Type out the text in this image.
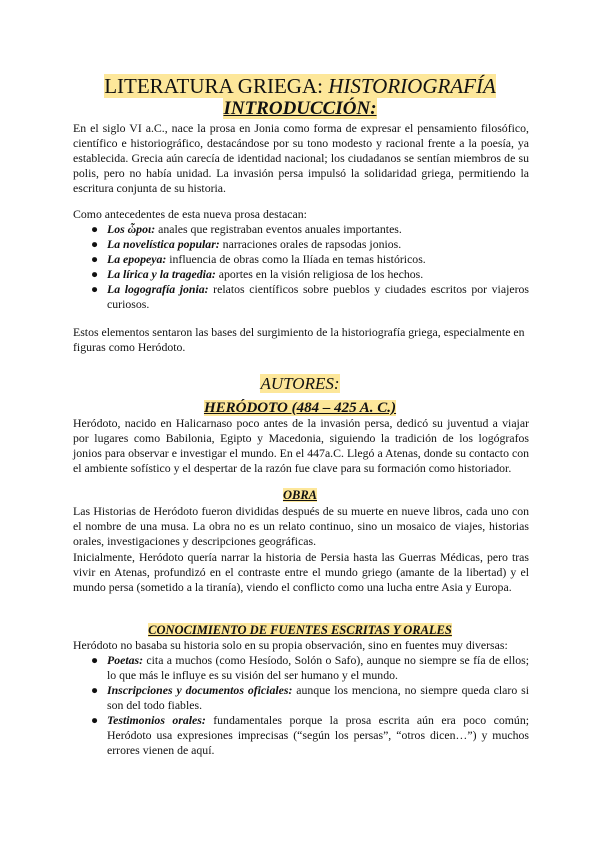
LITERATURA GRIEGA: HISTORIOGRAFÍA
INTRODUCCIÓN:
En el siglo VI a.C., nace la prosa en Jonia como forma de expresar el pensamiento filosófico, científico e historiográfico, destacándose por su tono modesto y racional frente a la poesía, ya establecida. Grecia aún carecía de identidad nacional; los ciudadanos se sentían miembros de su polis, pero no había unidad. La invasión persa impulsó la solidaridad griega, permitiendo la escritura conjunta de su historia.
Como antecedentes de esta nueva prosa destacan:
● Los ὧpoι: anales que registraban eventos anuales importantes.
● La novelística popular: narraciones orales de rapsodas jonios.
● La epopeya: influencia de obras como la Ilíada en temas históricos.
● La lírica y la tragedia: aportes en la visión religiosa de los hechos.
● La logografía jonia: relatos científicos sobre pueblos y ciudades escritos por viajeros curiosos.
Estos elementos sentaron las bases del surgimiento de la historiografía griega, especialmente en figuras como Heródoto.
AUTORES:
HERÓDOTO (484 – 425 A. C.)
Heródoto, nacido en Halicarnaso poco antes de la invasión persa, dedicó su juventud a viajar por lugares como Babilonia, Egipto y Macedonia, siguiendo la tradición de los logógrafos jonios para observar e investigar el mundo. En el 447a.C. Llegó a Atenas, donde su contacto con el ambiente sofístico y el despertar de la razón fue clave para su formación como historiador.
OBRA
Las Historias de Heródoto fueron divididas después de su muerte en nueve libros, cada uno con el nombre de una musa. La obra no es un relato continuo, sino un mosaico de viajes, historias orales, investigaciones y descripciones geográficas.
Inicialmente, Heródoto quería narrar la historia de Persia hasta las Guerras Médicas, pero tras vivir en Atenas, profundizó en el contraste entre el mundo griego (amante de la libertad) y el mundo persa (sometido a la tiranía), viendo el conflicto como una lucha entre Asia y Europa.
CONOCIMIENTO DE FUENTES ESCRITAS Y ORALES
Heródoto no basaba su historia solo en su propia observación, sino en fuentes muy diversas:
● Poetas: cita a muchos (como Hesíodo, Solón o Safo), aunque no siempre se fía de ellos; lo que más le influye es su visión del ser humano y el mundo.
● Inscripciones y documentos oficiales: aunque los menciona, no siempre queda claro si son del todo fiables.
● Testimonios orales: fundamentales porque la prosa escrita aún era poco común; Heródoto usa expresiones imprecisas (“según los persas”, “otros dicen…”) y muchos errores vienen de aquí.
